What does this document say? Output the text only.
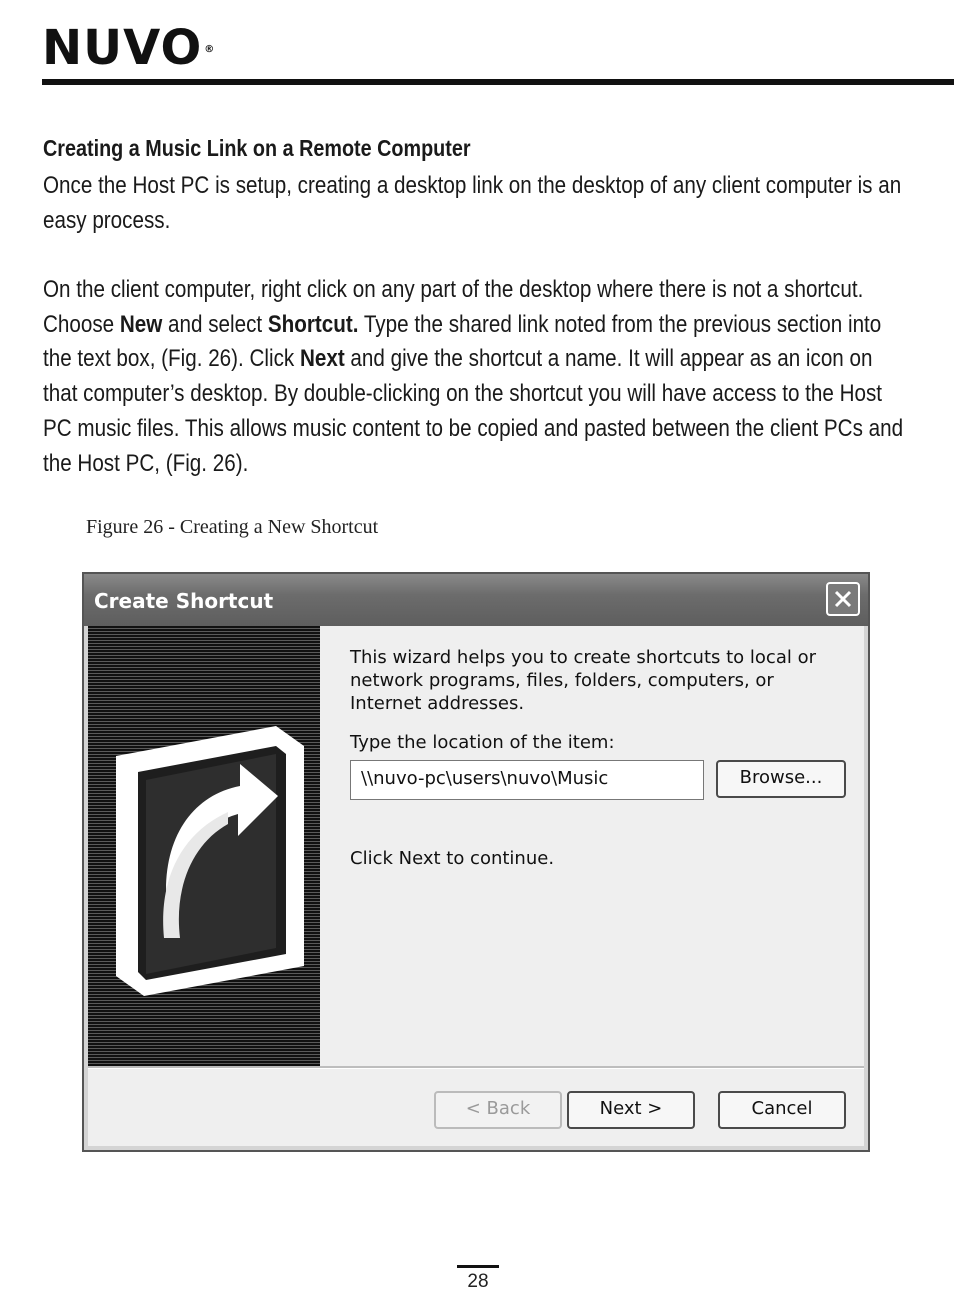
NUVO ®
Creating a Music Link on a Remote Computer

Once the Host PC is setup, creating a desktop link on the desktop of any client computer is an easy process.

On the client computer, right click on any part of the desktop where there is not a shortcut. Choose New and select Shortcut. Type the shared link noted from the previous section into the text box, (Fig. 26). Click Next and give the shortcut a name. It will appear as an icon on that computer’s desktop. By double-clicking on the shortcut you will have access to the Host PC music files. This allows music content to be copied and pasted between the client PCs and the Host PC, (Fig. 26).

Figure 26 - Creating a New Shortcut
Create Shortcut

This wizard helps you to create shortcuts to local or network programs, files, folders, computers, or Internet addresses.

Type the location of the item:
\\nuvo-pc\users\nuvo\Music	Browse...
Click Next to continue.
< Back	Next >	Cancel
28
